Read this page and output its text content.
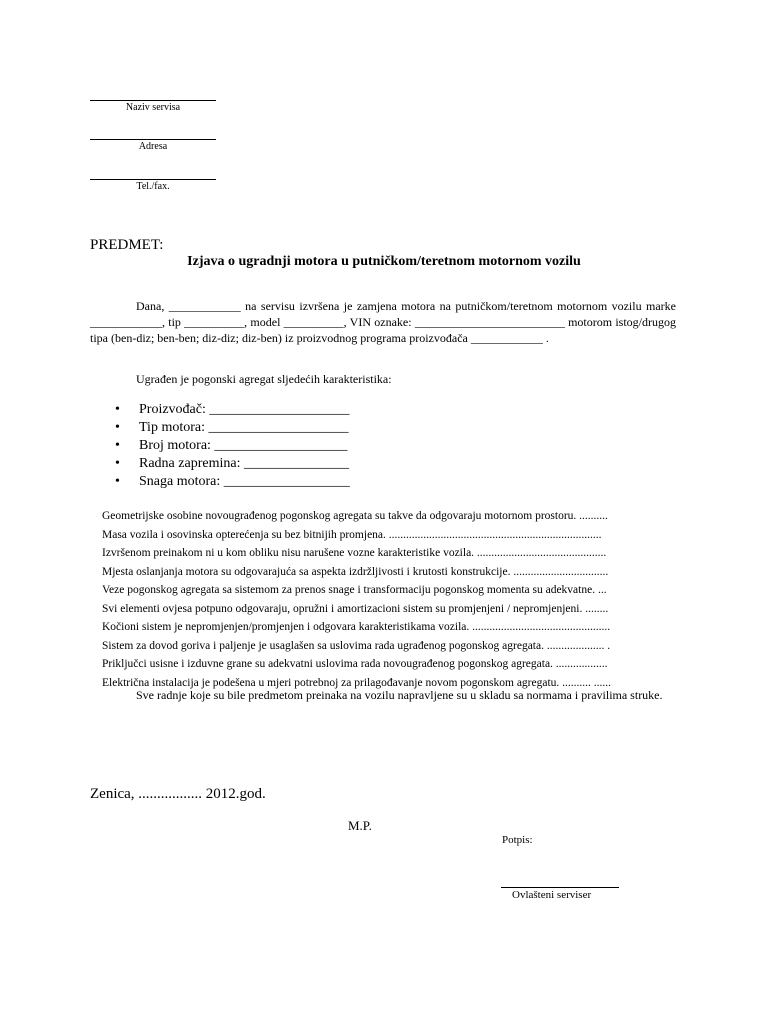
Naziv servisa
Adresa
Tel./fax.
PREDMET:
Izjava o ugradnji motora u putničkom/teretnom motornom vozilu
Dana, ____________ na servisu izvršena je zamjena motora na putničkom/teretnom motornom vozilu marke ____________, tip __________, model __________, VIN oznake: _________________________ motorom istog/drugog tipa (ben-diz; ben-ben; diz-diz; diz-ben) iz proizvodnog programa proizvođača ____________ .
Ugrađen je pogonski agregat sljedećih karakteristika:
• Proizvođač: ____________________
• Tip motora: ____________________
• Broj motora: ___________________
• Radna zapremina: _______________
• Snaga motora: __________________
Geometrijske osobine novougrađenog pogonskog agregata su takve da odgovaraju motornom prostoru. ..........
Masa vozila i osovinska opterećenja su bez bitnijih promjena. ..........................................................................
Izvršenom preinakom ni u kom obliku nisu narušene vozne karakteristike vozila. .............................................
Mjesta oslanjanja motora su odgovarajuća sa aspekta izdržljivosti i krutosti konstrukcije. .................................
Veze pogonskog agregata sa sistemom za prenos snage i transformaciju pogonskog momenta su adekvatne. ...
Svi elementi ovjesa potpuno odgovaraju, opružni i amortizacioni sistem su promjenjeni / nepromjenjeni. ........
Kočioni sistem je nepromjenjen/promjenjen i odgovara karakteristikama vozila. ................................................
Sistem za dovod goriva i paljenje je usaglašen sa uslovima rada ugrađenog pogonskog agregata. .................... .
Priključci usisne i izduvne grane su adekvatni uslovima rada novougrađenog pogonskog agregata. ..................
Električna instalacija je podešena u mjeri potrebnoj za prilagođavanje novom pogonskom agregatu. .......... ......
Sve radnje koje su bile predmetom preinaka na vozilu napravljene su u skladu sa normama i pravilima struke.
Zenica, ................. 2012.god.
M.P.
Potpis:
Ovlašteni serviser
